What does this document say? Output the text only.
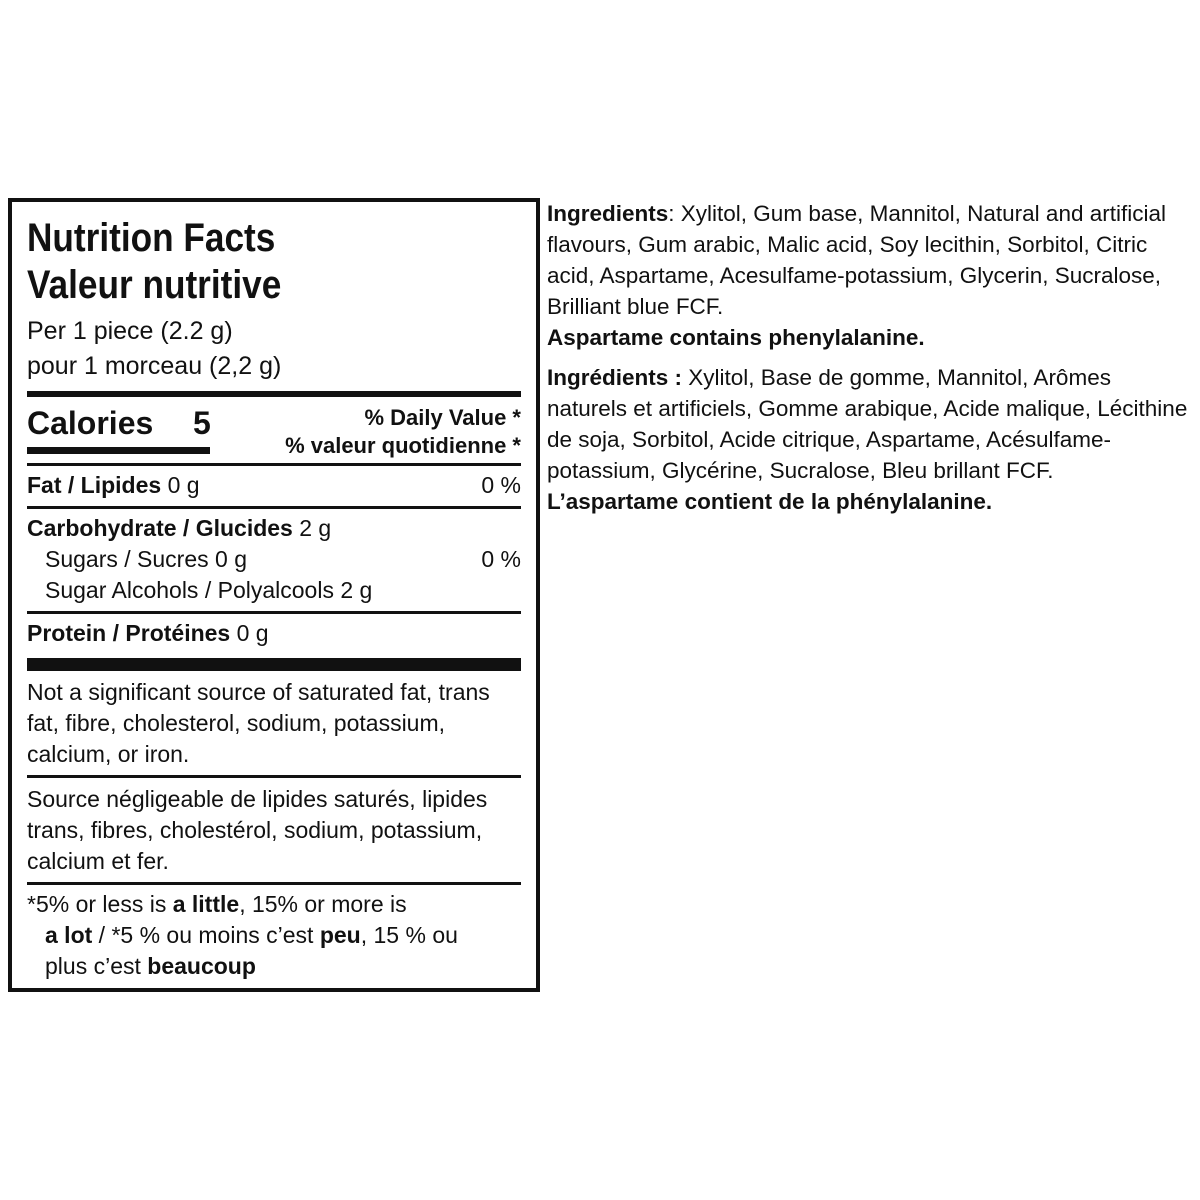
Nutrition Facts
Valeur nutritive
Per 1 piece (2.2 g)
pour 1 morceau (2,2 g)
Calories 5	% Daily Value *
% valeur quotidienne *
Fat / Lipides 0 g	0 %
Carbohydrate / Glucides 2 g
Sugars / Sucres 0 g	0 %
Sugar Alcohols / Polyalcools 2 g
Protein / Protéines 0 g
Not a significant source of saturated fat, trans fat, fibre, cholesterol, sodium, potassium, calcium, or iron.
Source négligeable de lipides saturés, lipides trans, fibres, cholestérol, sodium, potassium, calcium et fer.
*5% or less is a little, 15% or more is
a lot / *5 % ou moins c’est peu, 15 % ou
plus c’est beaucoup

Ingredients: Xylitol, Gum base, Mannitol, Natural and artificial flavours, Gum arabic, Malic acid, Soy lecithin, Sorbitol, Citric acid, Aspartame, Acesulfame-potassium, Glycerin, Sucralose, Brilliant blue FCF.

Aspartame contains phenylalanine.

Ingrédients : Xylitol, Base de gomme, Mannitol, Arômes naturels et artificiels, Gomme arabique, Acide malique, Lécithine de soja, Sorbitol, Acide citrique, Aspartame, Acésulfame-potassium, Glycérine, Sucralose, Bleu brillant FCF.

L’aspartame contient de la phénylalanine.
